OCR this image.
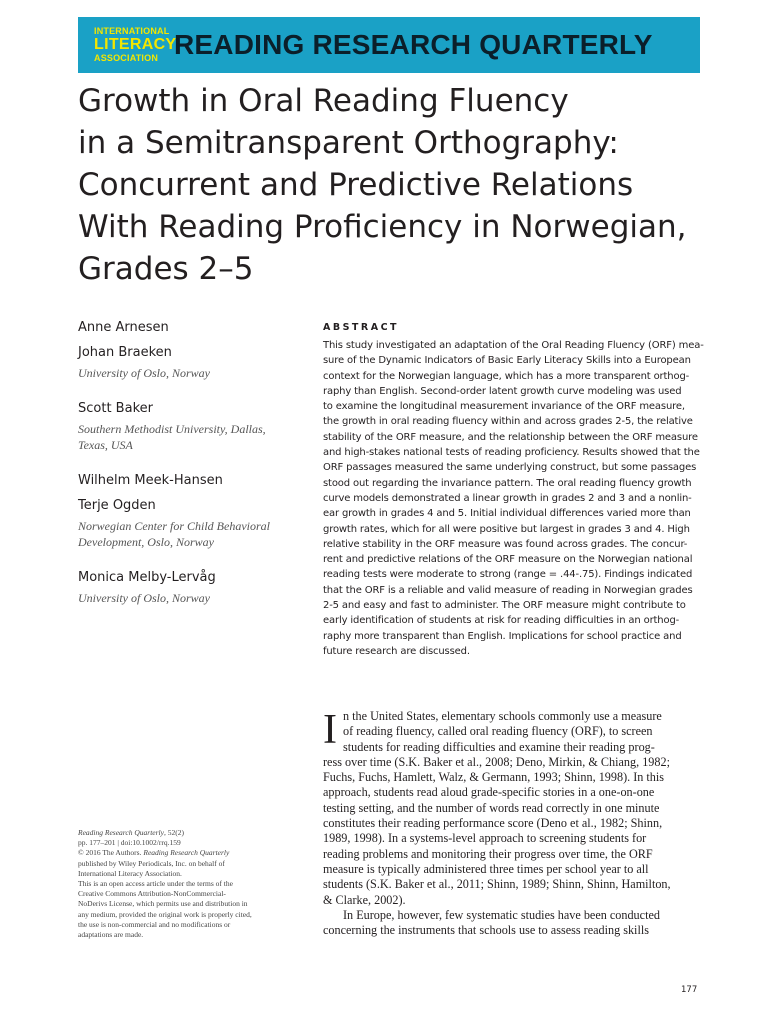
INTERNATIONAL
LITERACY
ASSOCIATION READING RESEARCH QUARTERLY
Growth in Oral Reading Fluency
in a Semitransparent Orthography:
Concurrent and Predictive Relations
With Reading Proficiency in Norwegian,
Grades 2–5
Anne Arnesen
Johan Braeken
University of Oslo, Norway
Scott Baker
Southern Methodist University, Dallas,
Texas, USA
Wilhelm Meek-Hansen
Terje Ogden
Norwegian Center for Child Behavioral
Development, Oslo, Norway
Monica Melby-Lervåg
University of Oslo, Norway
ABSTRACT
This study investigated an adaptation of the Oral Reading Fluency (ORF) mea-
sure of the Dynamic Indicators of Basic Early Literacy Skills into a European
context for the Norwegian language, which has a more transparent orthog-
raphy than English. Second-order latent growth curve modeling was used
to examine the longitudinal measurement invariance of the ORF measure,
the growth in oral reading fluency within and across grades 2-5, the relative
stability of the ORF measure, and the relationship between the ORF measure
and high-stakes national tests of reading proficiency. Results showed that the
ORF passages measured the same underlying construct, but some passages
stood out regarding the invariance pattern. The oral reading fluency growth
curve models demonstrated a linear growth in grades 2 and 3 and a nonlin-
ear growth in grades 4 and 5. Initial individual differences varied more than
growth rates, which for all were positive but largest in grades 3 and 4. High
relative stability in the ORF measure was found across grades. The concur-
rent and predictive relations of the ORF measure on the Norwegian national
reading tests were moderate to strong (range = .44-.75). Findings indicated
that the ORF is a reliable and valid measure of reading in Norwegian grades
2-5 and easy and fast to administer. The ORF measure might contribute to
early identification of students at risk for reading difficulties in an orthog-
raphy more transparent than English. Implications for school practice and
future research are discussed.
I n the United States, elementary schools commonly use a measure
of reading fluency, called oral reading fluency (ORF), to screen
students for reading difficulties and examine their reading prog-
ress over time (S.K. Baker et al., 2008; Deno, Mirkin, & Chiang, 1982;
Fuchs, Fuchs, Hamlett, Walz, & Germann, 1993; Shinn, 1998). In this
approach, students read aloud grade-specific stories in a one-on-one
testing setting, and the number of words read correctly in one minute
constitutes their reading performance score (Deno et al., 1982; Shinn,
1989, 1998). In a systems-level approach to screening students for
reading problems and monitoring their progress over time, the ORF
measure is typically administered three times per school year to all
students (S.K. Baker et al., 2011; Shinn, 1989; Shinn, Shinn, Hamilton,
& Clarke, 2002).
In Europe, however, few systematic studies have been conducted
concerning the instruments that schools use to assess reading skills
Reading Research Quarterly, 52(2)
pp. 177–201 | doi:10.1002/rrq.159
© 2016 The Authors. Reading Research Quarterly
published by Wiley Periodicals, Inc. on behalf of
International Literacy Association.
This is an open access article under the terms of the
Creative Commons Attribution-NonCommercial-
NoDerivs License, which permits use and distribution in
any medium, provided the original work is properly cited,
the use is non-commercial and no modifications or
adaptations are made.
177
